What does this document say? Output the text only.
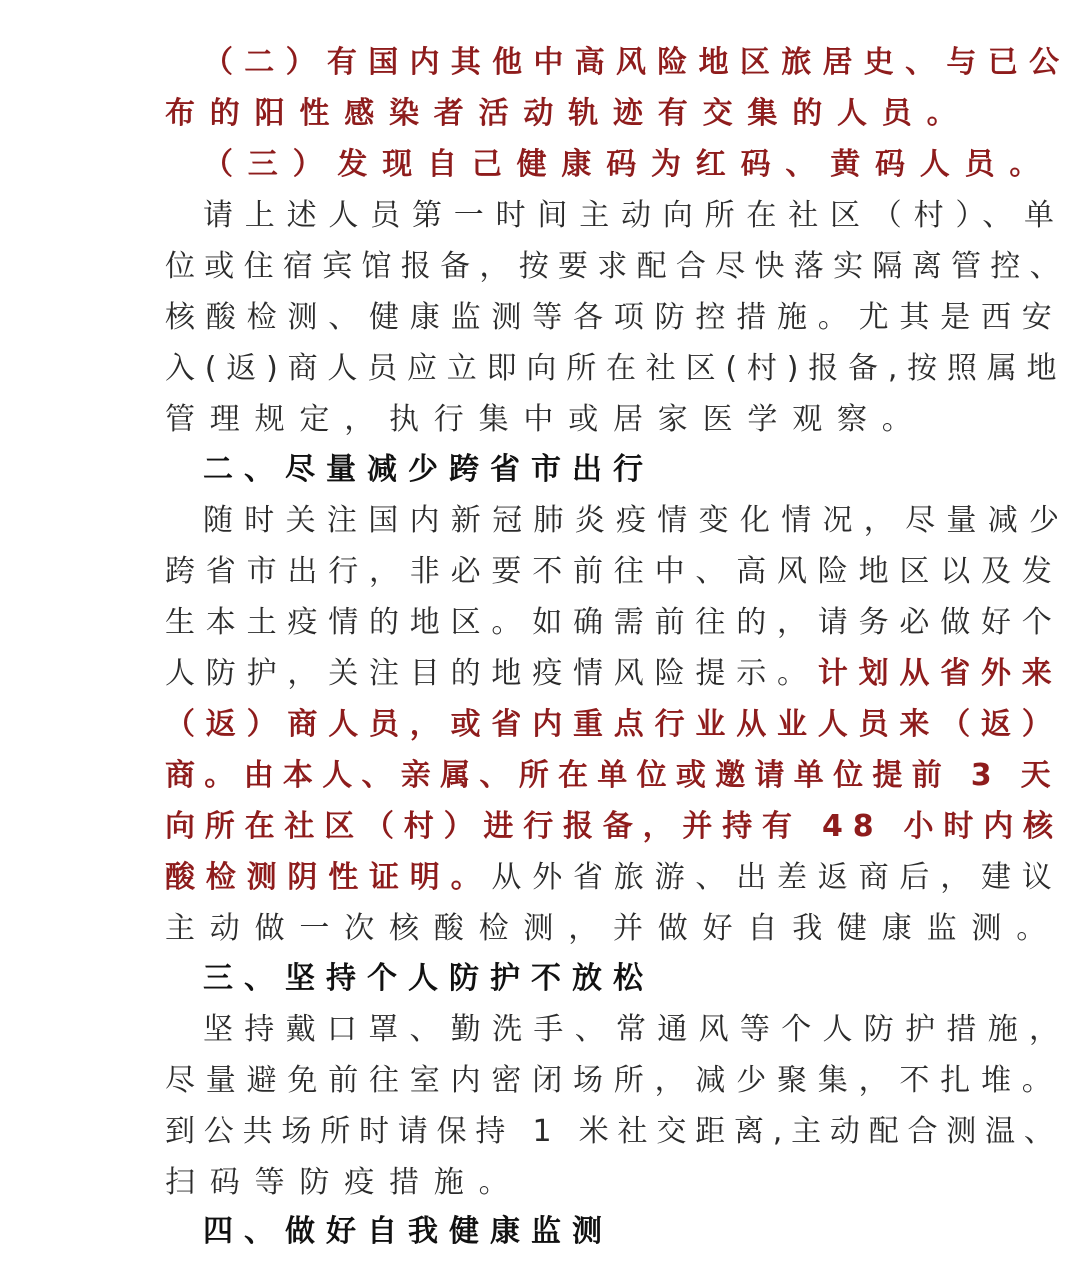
（二）有国内其他中高风险地区旅居史、与已公
布的阳性感染者活动轨迹有交集的人员。
（三）发现自己健康码为红码、黄码人员。
请上述人员第一时间主动向所在社区（村）、单
位或住宿宾馆报备，按要求配合尽快落实隔离管控、
核酸检测、健康监测等各项防控措施。尤其是西安
入(返)商人员应立即向所在社区(村)报备,按照属地
管理规定，执行集中或居家医学观察。
二、尽量减少跨省市出行
随时关注国内新冠肺炎疫情变化情况，尽量减少
跨省市出行，非必要不前往中、高风险地区以及发
生本土疫情的地区。如确需前往的，请务必做好个
人防护，关注目的地疫情风险提示。计划从省外来
（返）商人员，或省内重点行业从业人员来（返）
商。由本人、亲属、所在单位或邀请单位提前 3 天
向所在社区（村）进行报备，并持有 48 小时内核
酸检测阴性证明。从外省旅游、出差返商后，建议
主动做一次核酸检测，并做好自我健康监测。
三、坚持个人防护不放松
坚持戴口罩、勤洗手、常通风等个人防护措施，
尽量避免前往室内密闭场所，减少聚集，不扎堆。
到公共场所时请保持 1 米社交距离,主动配合测温、
扫码等防疫措施。
四、做好自我健康监测
